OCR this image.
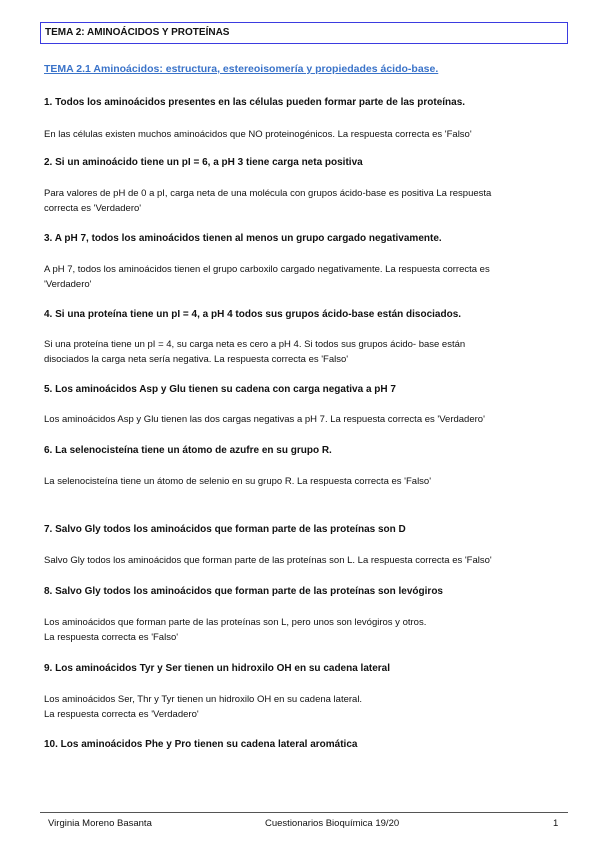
TEMA 2: AMINOÁCIDOS Y PROTEÍNAS
TEMA 2.1 Aminoácidos: estructura, estereoisomería y propiedades ácido-base.

1. Todos los aminoácidos presentes en las células pueden formar parte de las proteínas.

En las células existen muchos aminoácidos que NO proteinogénicos. La respuesta correcta es 'Falso'

2. Si un aminoácido tiene un pI = 6, a pH 3 tiene carga neta positiva

Para valores de pH de 0 a pI, carga neta de una molécula con grupos ácido-base es positiva La respuesta
correcta es 'Verdadero'

3. A pH 7, todos los aminoácidos tienen al menos un grupo cargado negativamente.

A pH 7, todos los aminoácidos tienen el grupo carboxilo cargado negativamente. La respuesta correcta es
'Verdadero'

4. Si una proteína tiene un pI = 4, a pH 4 todos sus grupos ácido-base están disociados.

Si una proteína tiene un pI = 4, su carga neta es cero a pH 4. Si todos sus grupos ácido- base están
disociados la carga neta sería negativa. La respuesta correcta es 'Falso'

5. Los aminoácidos Asp y Glu tienen su cadena con carga negativa a pH 7

Los aminoácidos Asp y Glu tienen las dos cargas negativas a pH 7. La respuesta correcta es 'Verdadero'

6. La selenocisteína tiene un átomo de azufre en su grupo R.

La selenocisteína tiene un átomo de selenio en su grupo R. La respuesta correcta es 'Falso'

7. Salvo Gly todos los aminoácidos que forman parte de las proteínas son D

Salvo Gly todos los aminoácidos que forman parte de las proteínas son L. La respuesta correcta es 'Falso'

8. Salvo Gly todos los aminoácidos que forman parte de las proteínas son levógiros

Los aminoácidos que forman parte de las proteínas son L, pero unos son levógiros y otros.
La respuesta correcta es 'Falso'

9. Los aminoácidos Tyr y Ser tienen un hidroxilo OH en su cadena lateral

Los aminoácidos Ser, Thr y Tyr tienen un hidroxilo OH en su cadena lateral.
La respuesta correcta es 'Verdadero'

10. Los aminoácidos Phe y Pro tienen su cadena lateral aromática

Virginia Moreno Basanta	Cuestionarios Bioquímica 19/20	1
